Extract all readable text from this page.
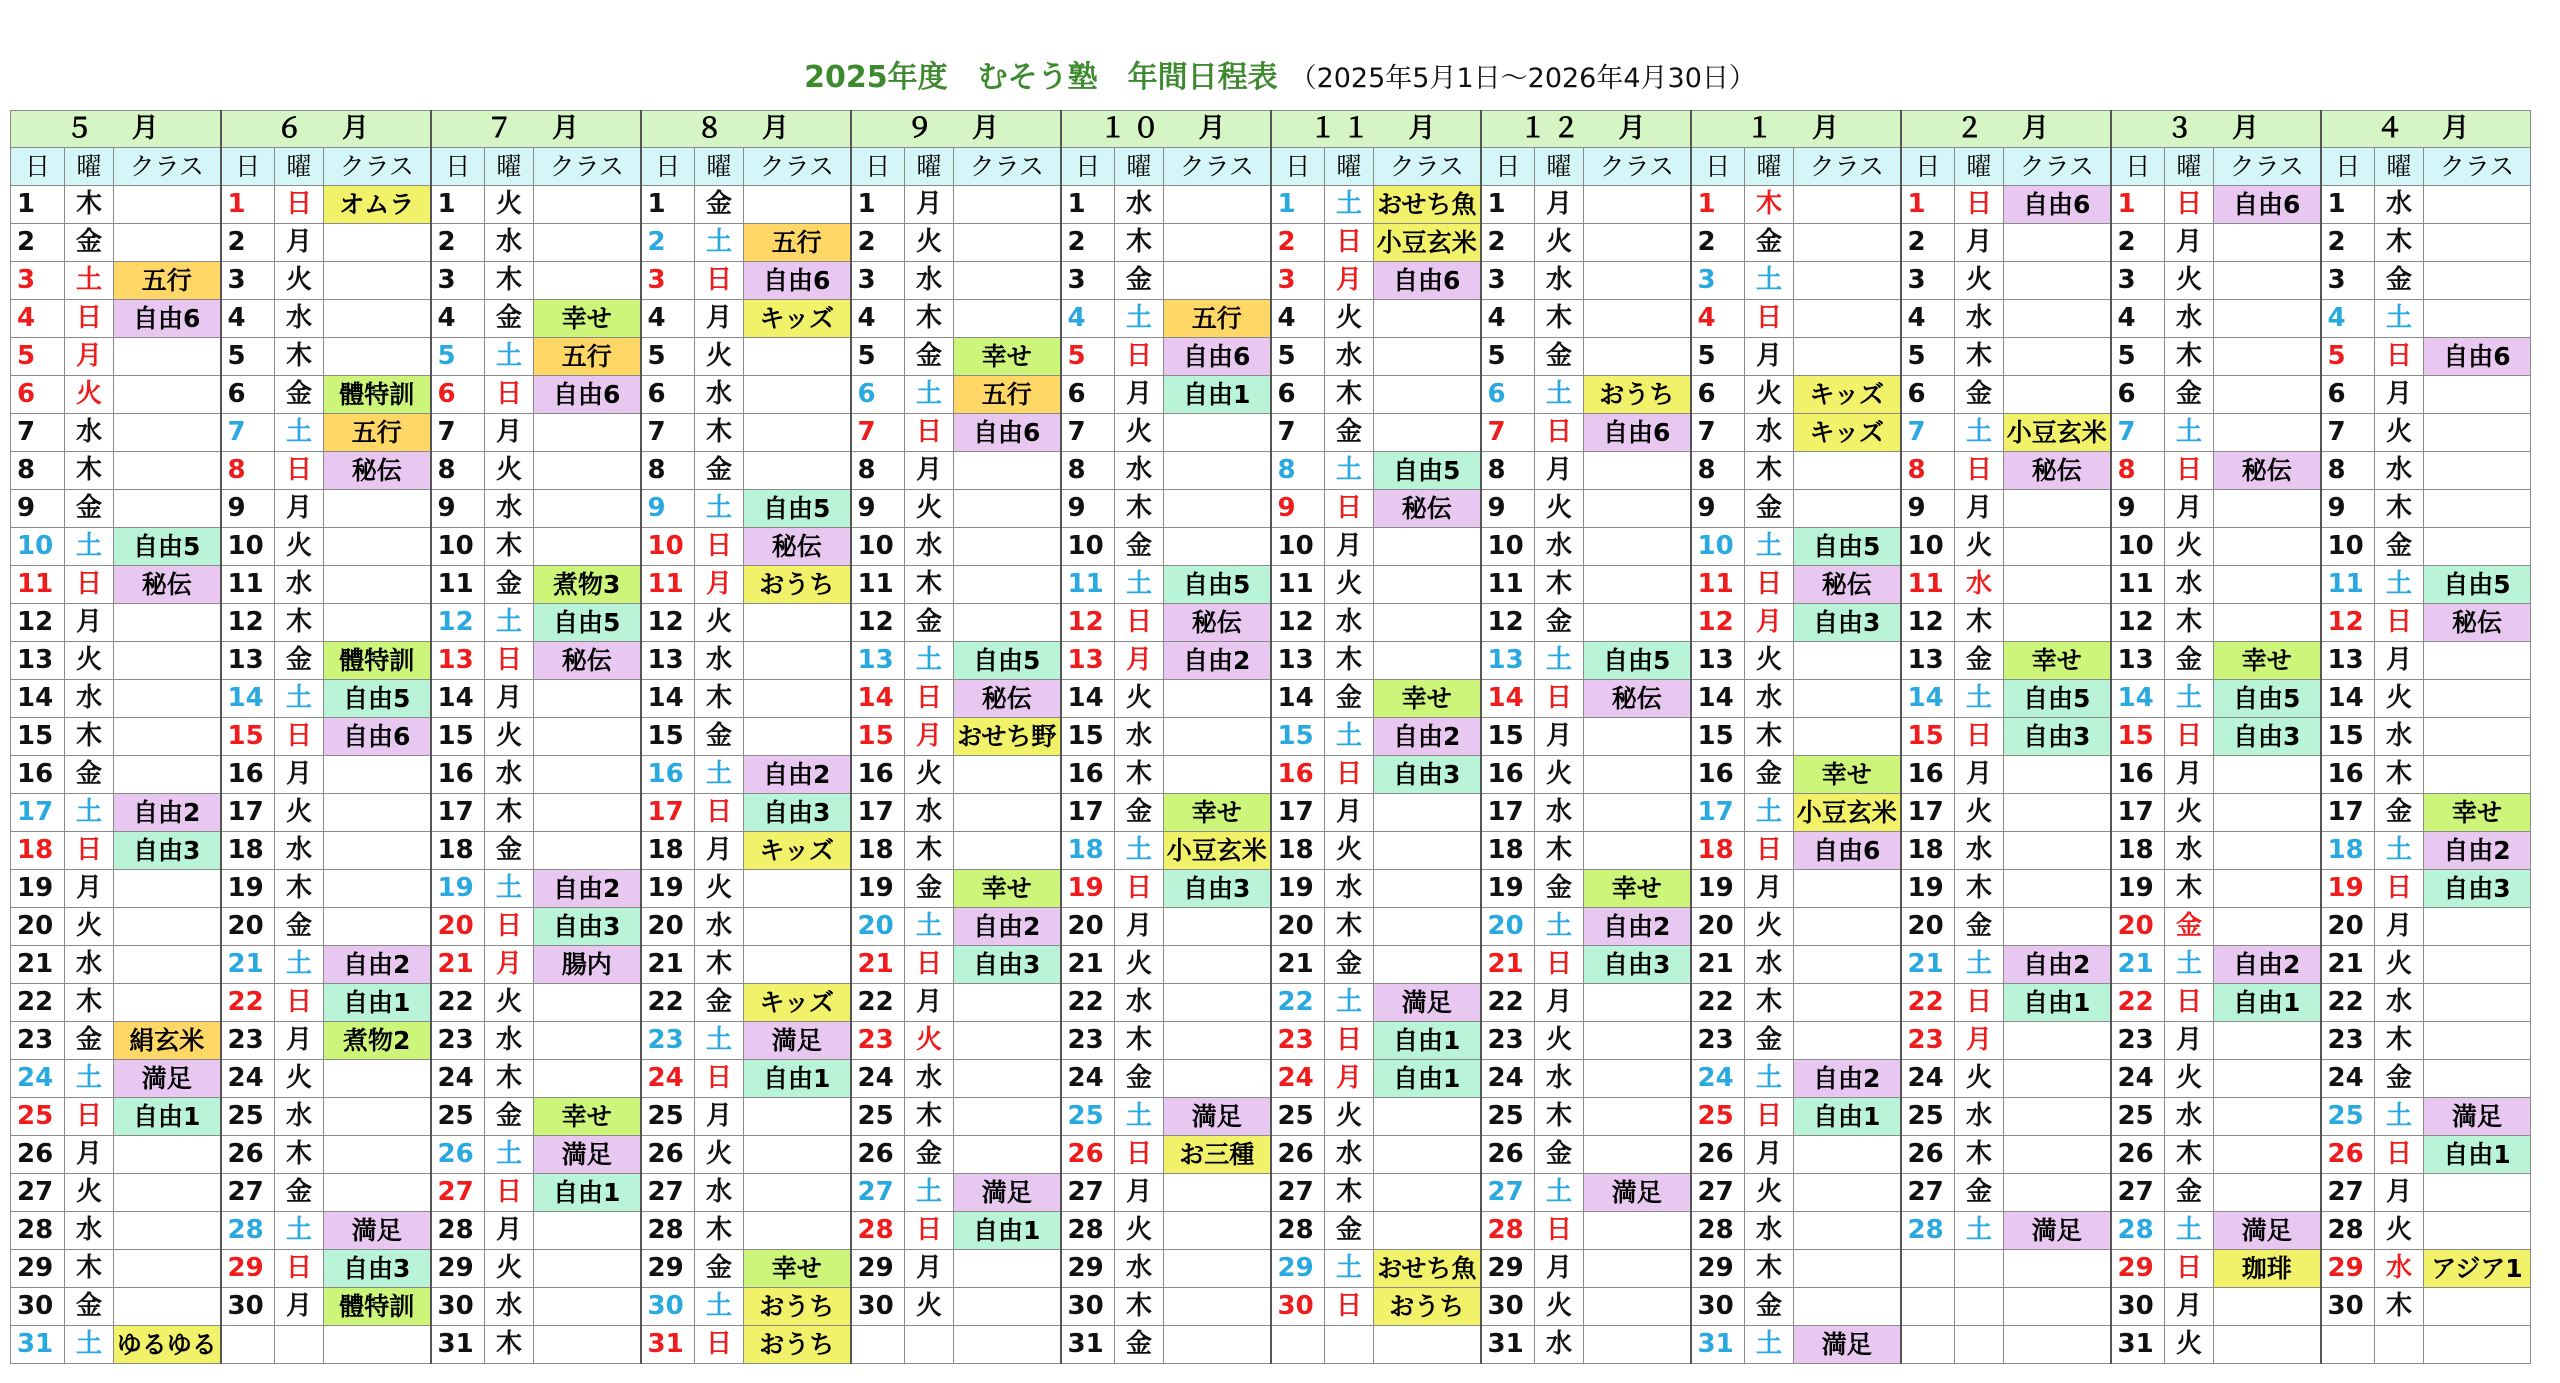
2025年度　むそう塾　年間日程表 （2025年5月1日～2026年4月30日）
５　月			６　月			７　月			８　月			９　月			１０　月			１１　月			１２　月			１　月			２　月			３　月			４　月		
日	曜	クラス	日	曜	クラス	日	曜	クラス	日	曜	クラス	日	曜	クラス	日	曜	クラス	日	曜	クラス	日	曜	クラス	日	曜	クラス	日	曜	クラス	日	曜	クラス	日	曜	クラス
1	木		1	日	オムラ	1	火		1	金		1	月		1	水		1	土	おせち魚	1	月		1	木		1	日	自由6	1	日	自由6	1	水	
2	金		2	月		2	水		2	土	五行	2	火		2	木		2	日	小豆玄米	2	火		2	金		2	月		2	月		2	木	
3	土	五行	3	火		3	木		3	日	自由6	3	水		3	金		3	月	自由6	3	水		3	土		3	火		3	火		3	金	
4	日	自由6	4	水		4	金	幸せ	4	月	キッズ	4	木		4	土	五行	4	火		4	木		4	日		4	水		4	水		4	土	
5	月		5	木		5	土	五行	5	火		5	金	幸せ	5	日	自由6	5	水		5	金		5	月		5	木		5	木		5	日	自由6
6	火		6	金	體特訓	6	日	自由6	6	水		6	土	五行	6	月	自由1	6	木		6	土	おうち	6	火	キッズ	6	金		6	金		6	月	
7	水		7	土	五行	7	月		7	木		7	日	自由6	7	火		7	金		7	日	自由6	7	水	キッズ	7	土	小豆玄米	7	土		7	火	
8	木		8	日	秘伝	8	火		8	金		8	月		8	水		8	土	自由5	8	月		8	木		8	日	秘伝	8	日	秘伝	8	水	
9	金		9	月		9	水		9	土	自由5	9	火		9	木		9	日	秘伝	9	火		9	金		9	月		9	月		9	木	
10	土	自由5	10	火		10	木		10	日	秘伝	10	水		10	金		10	月		10	水		10	土	自由5	10	火		10	火		10	金	
11	日	秘伝	11	水		11	金	煮物3	11	月	おうち	11	木		11	土	自由5	11	火		11	木		11	日	秘伝	11	水		11	水		11	土	自由5
12	月		12	木		12	土	自由5	12	火		12	金		12	日	秘伝	12	水		12	金		12	月	自由3	12	木		12	木		12	日	秘伝
13	火		13	金	體特訓	13	日	秘伝	13	水		13	土	自由5	13	月	自由2	13	木		13	土	自由5	13	火		13	金	幸せ	13	金	幸せ	13	月	
14	水		14	土	自由5	14	月		14	木		14	日	秘伝	14	火		14	金	幸せ	14	日	秘伝	14	水		14	土	自由5	14	土	自由5	14	火	
15	木		15	日	自由6	15	火		15	金		15	月	おせち野	15	水		15	土	自由2	15	月		15	木		15	日	自由3	15	日	自由3	15	水	
16	金		16	月		16	水		16	土	自由2	16	火		16	木		16	日	自由3	16	火		16	金	幸せ	16	月		16	月		16	木	
17	土	自由2	17	火		17	木		17	日	自由3	17	水		17	金	幸せ	17	月		17	水		17	土	小豆玄米	17	火		17	火		17	金	幸せ
18	日	自由3	18	水		18	金		18	月	キッズ	18	木		18	土	小豆玄米	18	火		18	木		18	日	自由6	18	水		18	水		18	土	自由2
19	月		19	木		19	土	自由2	19	火		19	金	幸せ	19	日	自由3	19	水		19	金	幸せ	19	月		19	木		19	木		19	日	自由3
20	火		20	金		20	日	自由3	20	水		20	土	自由2	20	月		20	木		20	土	自由2	20	火		20	金		20	金		20	月	
21	水		21	土	自由2	21	月	腸内	21	木		21	日	自由3	21	火		21	金		21	日	自由3	21	水		21	土	自由2	21	土	自由2	21	火	
22	木		22	日	自由1	22	火		22	金	キッズ	22	月		22	水		22	土	満足	22	月		22	木		22	日	自由1	22	日	自由1	22	水	
23	金	絹玄米	23	月	煮物2	23	水		23	土	満足	23	火		23	木		23	日	自由1	23	火		23	金		23	月		23	月		23	木	
24	土	満足	24	火		24	木		24	日	自由1	24	水		24	金		24	月	自由1	24	水		24	土	自由2	24	火		24	火		24	金	
25	日	自由1	25	水		25	金	幸せ	25	月		25	木		25	土	満足	25	火		25	木		25	日	自由1	25	水		25	水		25	土	満足
26	月		26	木		26	土	満足	26	火		26	金		26	日	お三種	26	水		26	金		26	月		26	木		26	木		26	日	自由1
27	火		27	金		27	日	自由1	27	水		27	土	満足	27	月		27	木		27	土	満足	27	火		27	金		27	金		27	月	
28	水		28	土	満足	28	月		28	木		28	日	自由1	28	火		28	金		28	日		28	水		28	土	満足	28	土	満足	28	火	
29	木		29	日	自由3	29	火		29	金	幸せ	29	月		29	水		29	土	おせち魚	29	月		29	木					29	日	珈琲	29	水	アジア1
30	金		30	月	體特訓	30	水		30	土	おうち	30	火		30	木		30	日	おうち	30	火		30	金					30	月		30	木	
31	土	ゆるゆる				31	木		31	日	おうち				31	金					31	水		31	土	満足				31	火				
